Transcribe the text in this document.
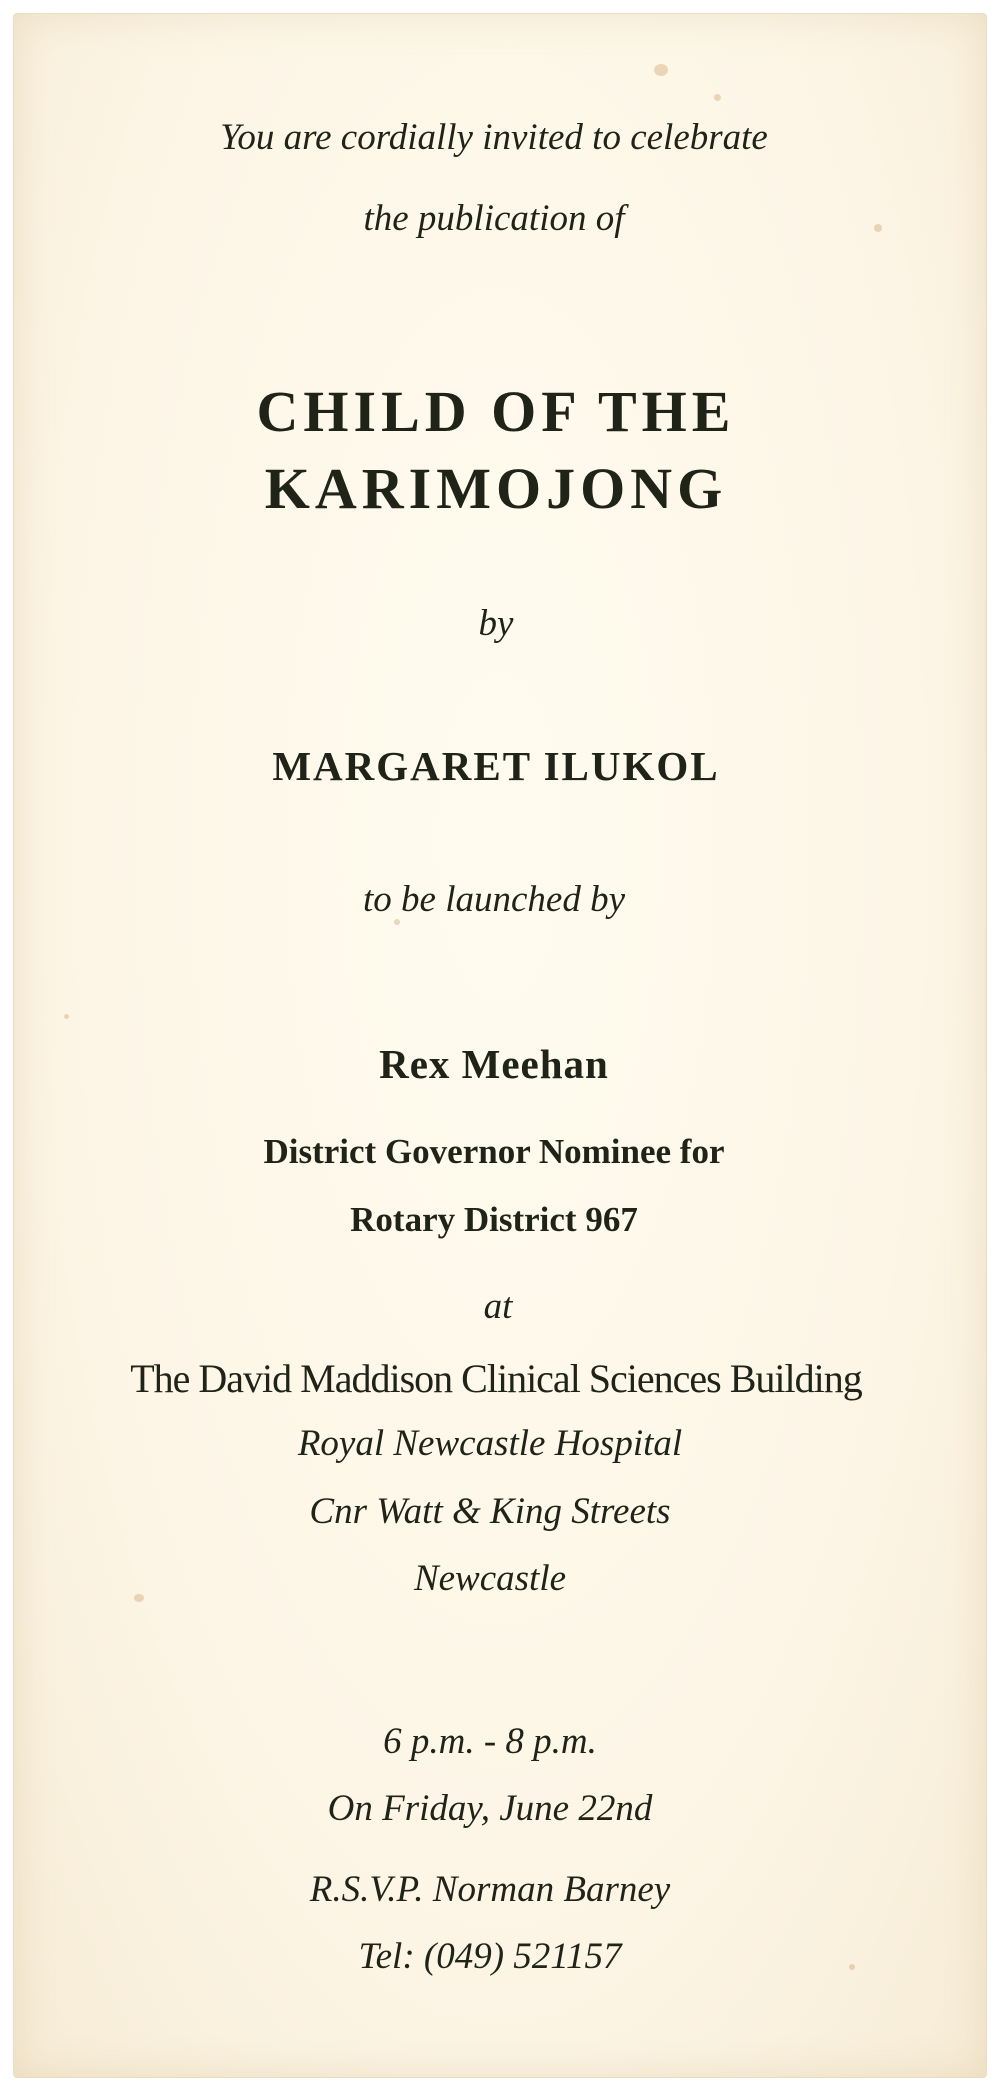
You are cordially invited to celebrate
the publication of
CHILD OF THE
KARIMOJONG
by
MARGARET ILUKOL
to be launched by
Rex Meehan
District Governor Nominee for
Rotary District 967
at
The David Maddison Clinical Sciences Building
Royal Newcastle Hospital
Cnr Watt & King Streets
Newcastle
6 p.m. - 8 p.m.
On Friday, June 22nd
R.S.V.P. Norman Barney
Tel: (049) 521157
